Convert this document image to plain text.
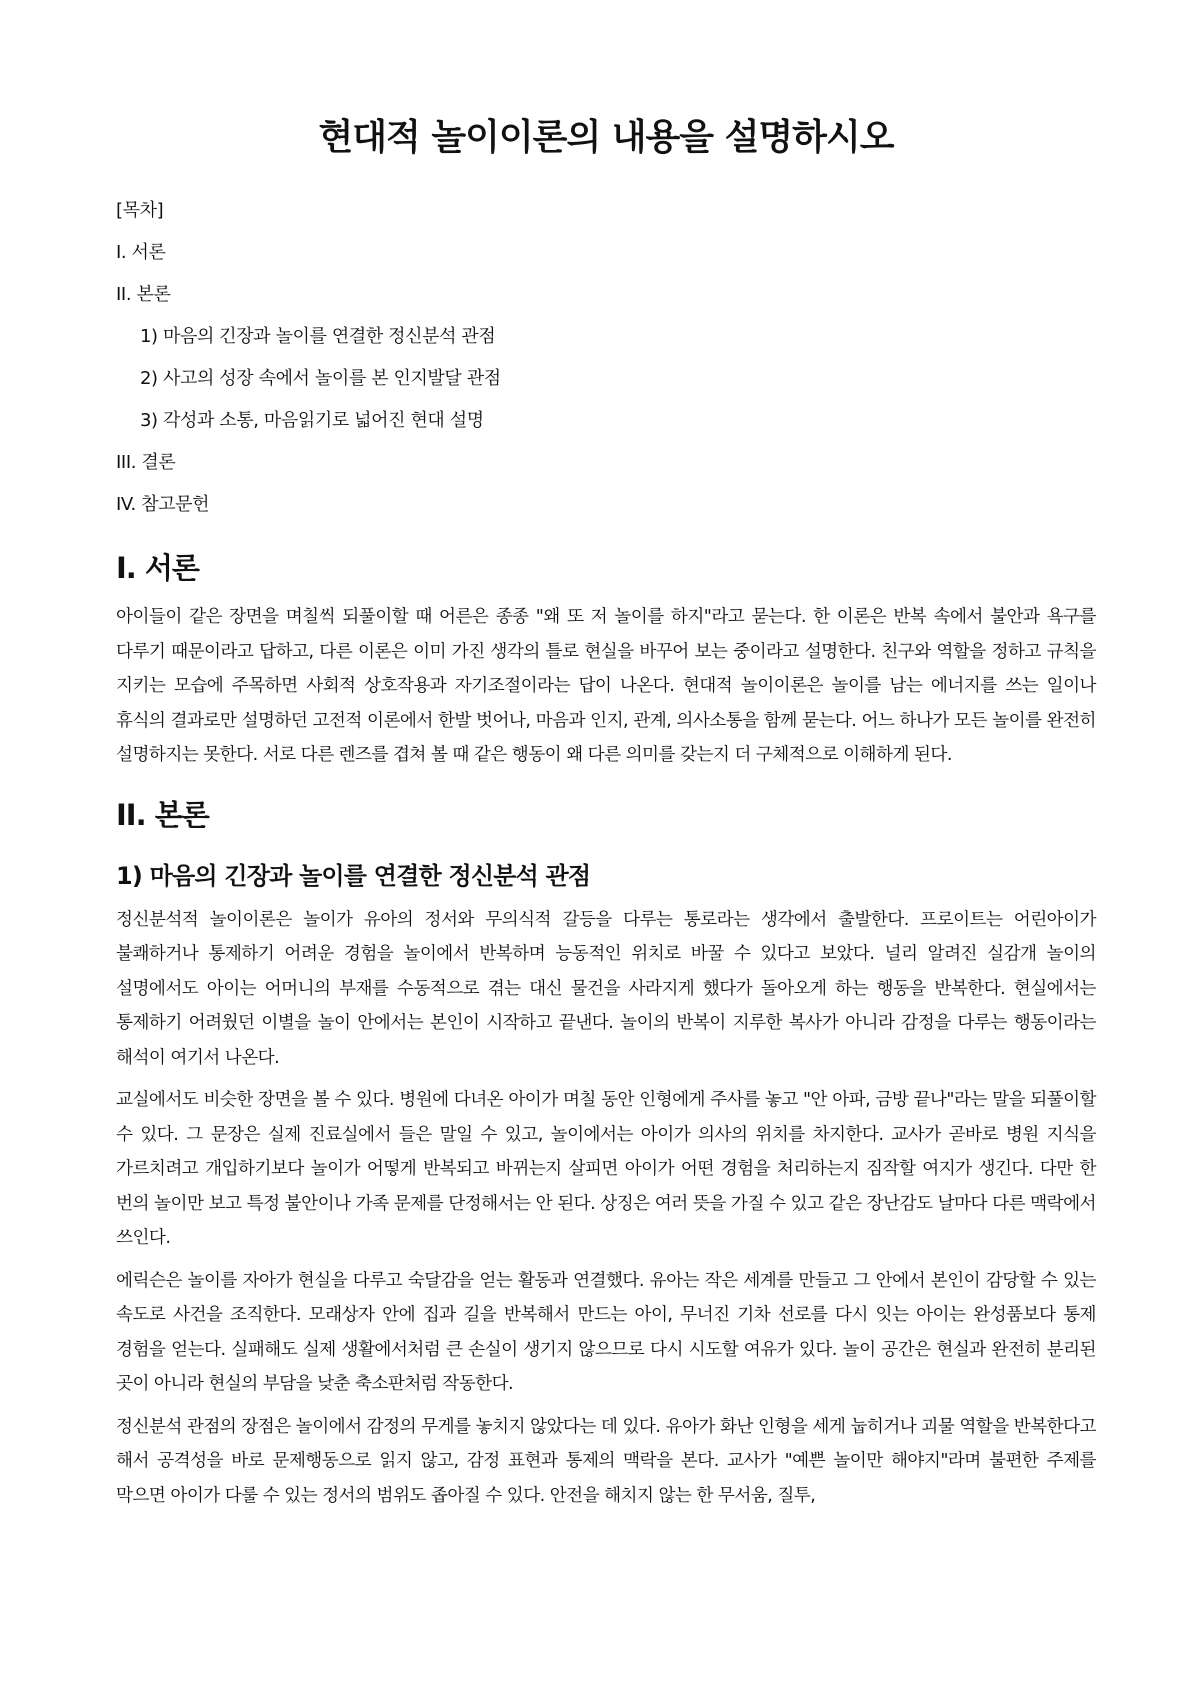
현대적 놀이이론의 내용을 설명하시오
[목차]
I. 서론
II. 본론
1) 마음의 긴장과 놀이를 연결한 정신분석 관점
2) 사고의 성장 속에서 놀이를 본 인지발달 관점
3) 각성과 소통, 마음읽기로 넓어진 현대 설명
III. 결론
IV. 참고문헌
I. 서론

아이들이 같은 장면을 며칠씩 되풀이할 때 어른은 종종 "왜 또 저 놀이를 하지"라고 묻는다. 한 이론은 반복 속에서 불안과 욕구를 다루기 때문이라고 답하고, 다른 이론은 이미 가진 생각의 틀로 현실을 바꾸어 보는 중이라고 설명한다. 친구와 역할을 정하고 규칙을 지키는 모습에 주목하면 사회적 상호작용과 자기조절이라는 답이 나온다. 현대적 놀이이론은 놀이를 남는 에너지를 쓰는 일이나 휴식의 결과로만 설명하던 고전적 이론에서 한발 벗어나, 마음과 인지, 관계, 의사소통을 함께 묻는다. 어느 하나가 모든 놀이를 완전히 설명하지는 못한다. 서로 다른 렌즈를 겹쳐 볼 때 같은 행동이 왜 다른 의미를 갖는지 더 구체적으로 이해하게 된다.

II. 본론
1) 마음의 긴장과 놀이를 연결한 정신분석 관점

정신분석적 놀이이론은 놀이가 유아의 정서와 무의식적 갈등을 다루는 통로라는 생각에서 출발한다. 프로이트는 어린아이가 불쾌하거나 통제하기 어려운 경험을 놀이에서 반복하며 능동적인 위치로 바꿀 수 있다고 보았다. 널리 알려진 실감개 놀이의 설명에서도 아이는 어머니의 부재를 수동적으로 겪는 대신 물건을 사라지게 했다가 돌아오게 하는 행동을 반복한다. 현실에서는 통제하기 어려웠던 이별을 놀이 안에서는 본인이 시작하고 끝낸다. 놀이의 반복이 지루한 복사가 아니라 감정을 다루는 행동이라는 해석이 여기서 나온다.

교실에서도 비슷한 장면을 볼 수 있다. 병원에 다녀온 아이가 며칠 동안 인형에게 주사를 놓고 "안 아파, 금방 끝나"라는 말을 되풀이할 수 있다. 그 문장은 실제 진료실에서 들은 말일 수 있고, 놀이에서는 아이가 의사의 위치를 차지한다. 교사가 곧바로 병원 지식을 가르치려고 개입하기보다 놀이가 어떻게 반복되고 바뀌는지 살피면 아이가 어떤 경험을 처리하는지 짐작할 여지가 생긴다. 다만 한 번의 놀이만 보고 특정 불안이나 가족 문제를 단정해서는 안 된다. 상징은 여러 뜻을 가질 수 있고 같은 장난감도 날마다 다른 맥락에서 쓰인다.

에릭슨은 놀이를 자아가 현실을 다루고 숙달감을 얻는 활동과 연결했다. 유아는 작은 세계를 만들고 그 안에서 본인이 감당할 수 있는 속도로 사건을 조직한다. 모래상자 안에 집과 길을 반복해서 만드는 아이, 무너진 기차 선로를 다시 잇는 아이는 완성품보다 통제 경험을 얻는다. 실패해도 실제 생활에서처럼 큰 손실이 생기지 않으므로 다시 시도할 여유가 있다. 놀이 공간은 현실과 완전히 분리된 곳이 아니라 현실의 부담을 낮춘 축소판처럼 작동한다.

정신분석 관점의 장점은 놀이에서 감정의 무게를 놓치지 않았다는 데 있다. 유아가 화난 인형을 세게 눕히거나 괴물 역할을 반복한다고 해서 공격성을 바로 문제행동으로 읽지 않고, 감정 표현과 통제의 맥락을 본다. 교사가 "예쁜 놀이만 해야지"라며 불편한 주제를 막으면 아이가 다룰 수 있는 정서의 범위도 좁아질 수 있다. 안전을 해치지 않는 한 무서움, 질투,
